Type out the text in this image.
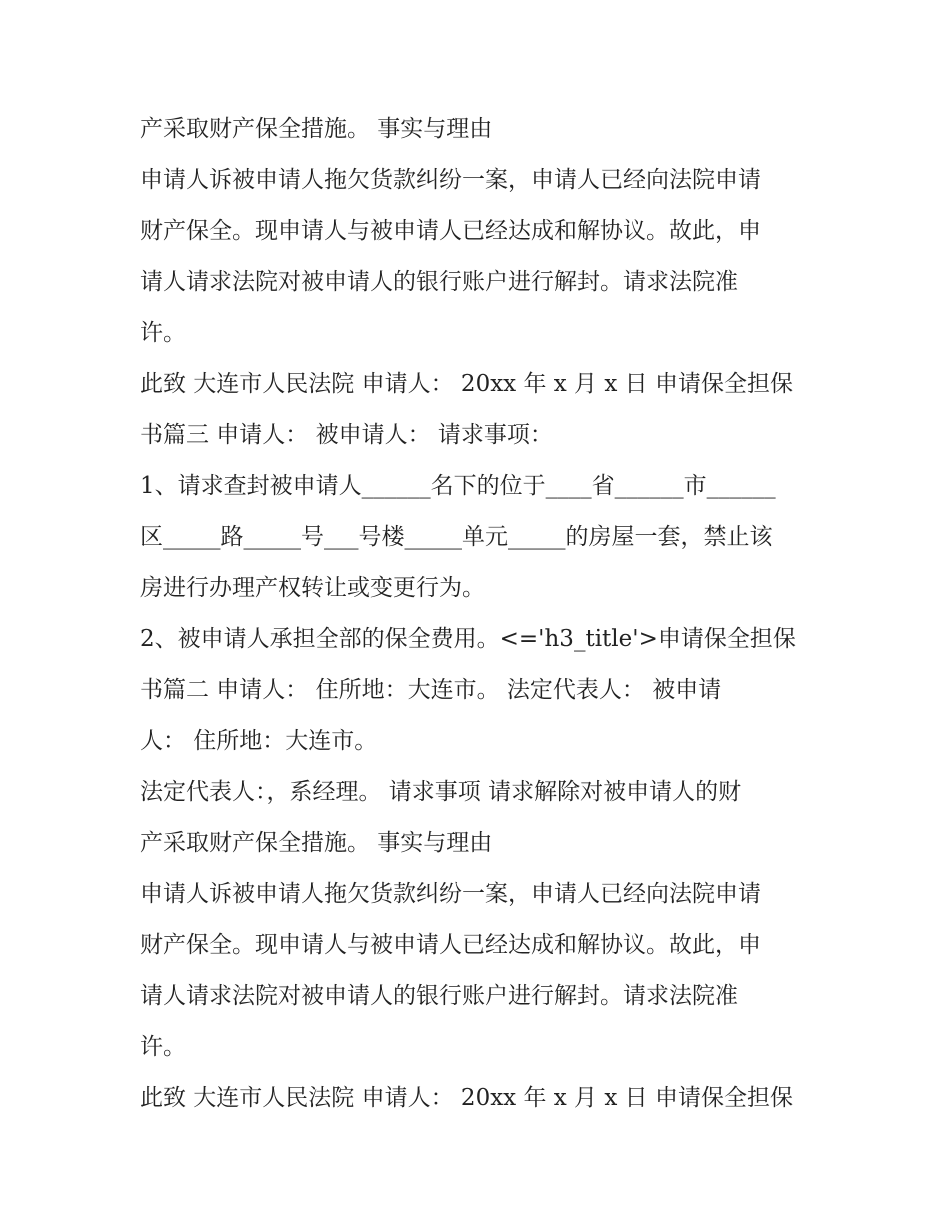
产采取财产保全措施。 事实与理由
申请人诉被申请人拖欠货款纠纷一案，申请人已经向法院申请
财产保全。现申请人与被申请人已经达成和解协议。故此，申
请人请求法院对被申请人的银行账户进行解封。请求法院准
许。
此致 大连市人民法院 申请人： 20xx 年 x 月 x 日 申请保全担保
书篇三 申请人： 被申请人： 请求事项：
1、请求查封被申请人______名下的位于____省______市______
区_____路_____号___号楼_____单元_____的房屋一套，禁止该
房进行办理产权转让或变更行为。
2、被申请人承担全部的保全费用。<='h3_title'>申请保全担保
书篇二 申请人： 住所地：大连市。 法定代表人： 被申请
人： 住所地：大连市。
法定代表人：，系经理。 请求事项 请求解除对被申请人的财
产采取财产保全措施。 事实与理由
申请人诉被申请人拖欠货款纠纷一案，申请人已经向法院申请
财产保全。现申请人与被申请人已经达成和解协议。故此，申
请人请求法院对被申请人的银行账户进行解封。请求法院准
许。
此致 大连市人民法院 申请人： 20xx 年 x 月 x 日 申请保全担保
